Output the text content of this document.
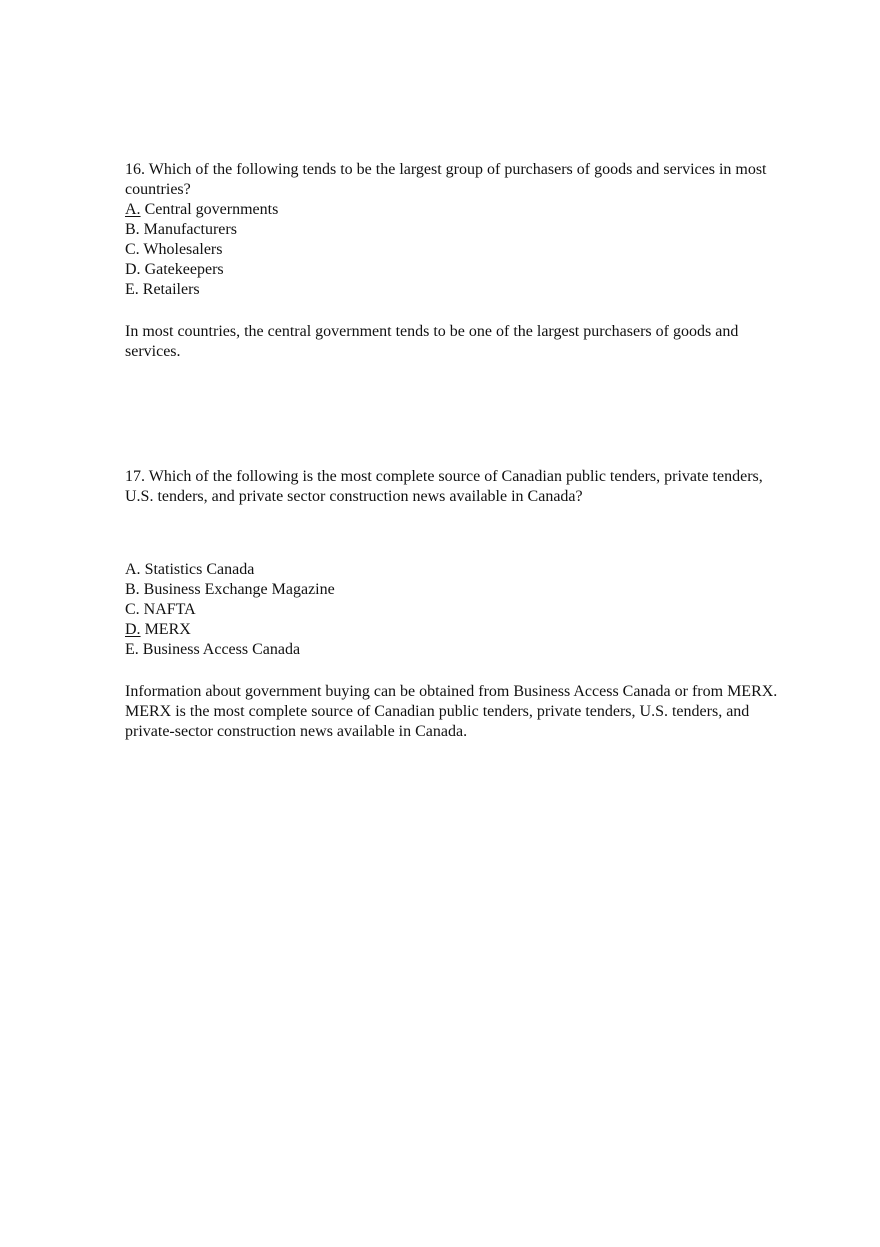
16. Which of the following tends to be the largest group of purchasers of goods and services in most countries?

A. Central governments
B. Manufacturers
C. Wholesalers
D. Gatekeepers
E. Retailers

In most countries, the central government tends to be one of the largest purchasers of goods and services.

17. Which of the following is the most complete source of Canadian public tenders, private tenders, U.S. tenders, and private sector construction news available in Canada?

A. Statistics Canada
B. Business Exchange Magazine
C. NAFTA
D. MERX
E. Business Access Canada

Information about government buying can be obtained from Business Access Canada or from MERX. MERX is the most complete source of Canadian public tenders, private tenders, U.S. tenders, and private-sector construction news available in Canada.
